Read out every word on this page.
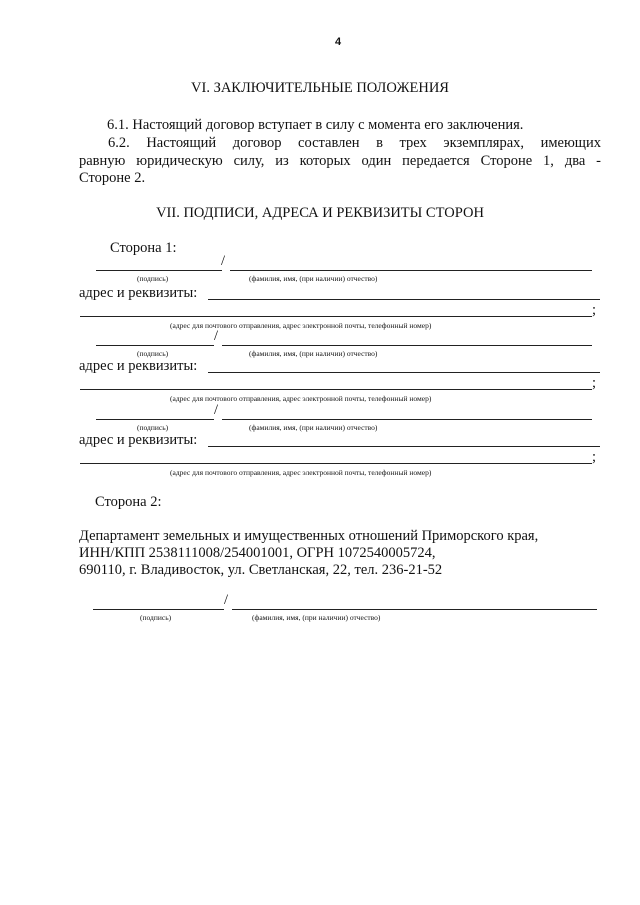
4
VI. ЗАКЛЮЧИТЕЛЬНЫЕ ПОЛОЖЕНИЯ
6.1. Настоящий договор вступает в силу с момента его заключения.
6.2. Настоящий договор составлен в трех экземплярах, имеющих
равную юридическую силу, из которых один передается Стороне 1, два -
Стороне 2.
VII. ПОДПИСИ, АДРЕСА И РЕКВИЗИТЫ СТОРОН
Сторона 1:
/
(подпись)	(фамилия, имя, (при наличии) отчество)
адрес и реквизиты:
;
(адрес для почтового отправления, адрес электронной почты, телефонный номер)
/
(подпись)	(фамилия, имя, (при наличии) отчество)
адрес и реквизиты:
;
(адрес для почтового отправления, адрес электронной почты, телефонный номер)
/
(подпись)	(фамилия, имя, (при наличии) отчество)
адрес и реквизиты:
;
(адрес для почтового отправления, адрес электронной почты, телефонный номер)
Сторона 2:
Департамент земельных и имущественных отношений Приморского края,
ИНН/КПП 2538111008/254001001, ОГРН 1072540005724,
690110, г. Владивосток, ул. Светланская, 22, тел. 236-21-52
/
(подпись)	(фамилия, имя, (при наличии) отчество)
